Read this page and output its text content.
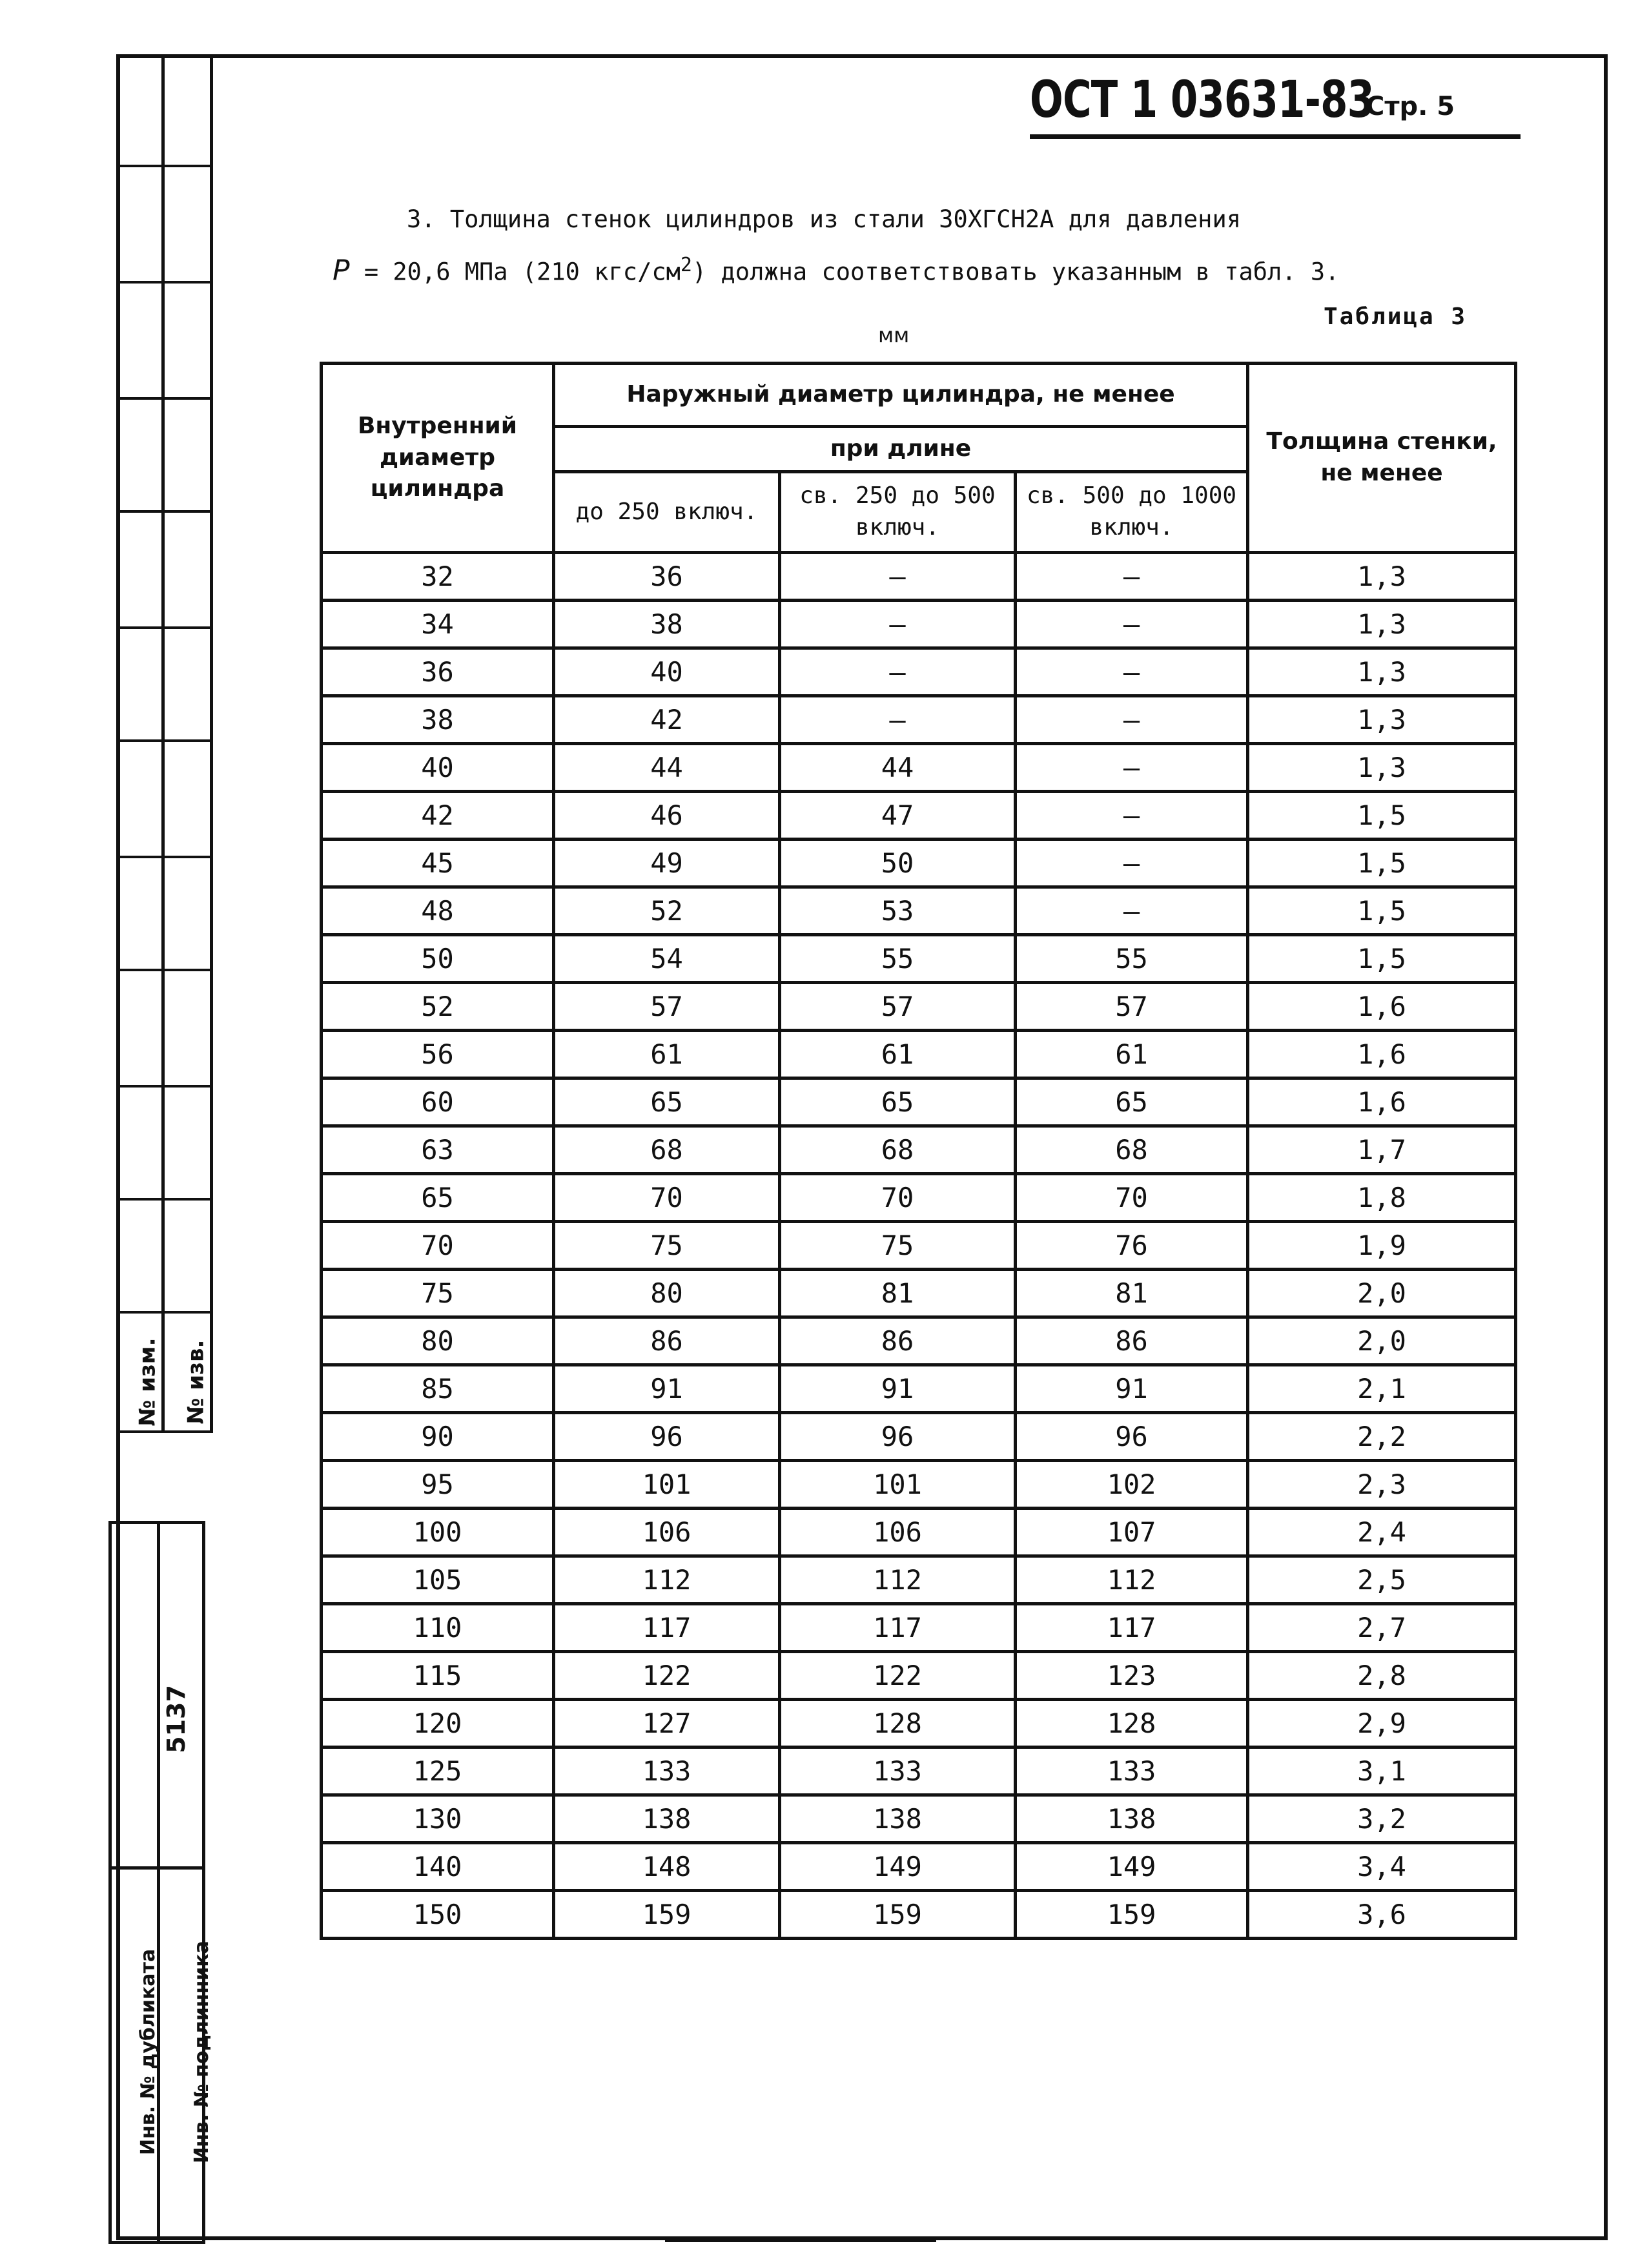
№ изм. № изв.
5137
Инв. № дубликата Инв. № подлинника
ОСТ 1 03631-83
Стр. 5
3. Толщина стенок цилиндров из стали 30ХГСН2А для давления
P = 20,6 МПа (210 кгс/$см^2$) должна соответствовать указанным в табл. 3.
Таблица 3
мм
Внутренний диаметр цилиндра	Наружный диаметр цилиндра, не менее			Толщина стенки, не менее
	при длине			
	до 250 включ.	св. 250 до 500 включ.	св. 500 до 1000 включ.	
32	36	–	–	1,3
34	38	–	–	1,3
36	40	–	–	1,3
38	42	–	–	1,3
40	44	44	–	1,3
42	46	47	–	1,5
45	49	50	–	1,5
48	52	53	–	1,5
50	54	55	55	1,5
52	57	57	57	1,6
56	61	61	61	1,6
60	65	65	65	1,6
63	68	68	68	1,7
65	70	70	70	1,8
70	75	75	76	1,9
75	80	81	81	2,0
80	86	86	86	2,0
85	91	91	91	2,1
90	96	96	96	2,2
95	101	101	102	2,3
100	106	106	107	2,4
105	112	112	112	2,5
110	117	117	117	2,7
115	122	122	123	2,8
120	127	128	128	2,9
125	133	133	133	3,1
130	138	138	138	3,2
140	148	149	149	3,4
150	159	159	159	3,6
